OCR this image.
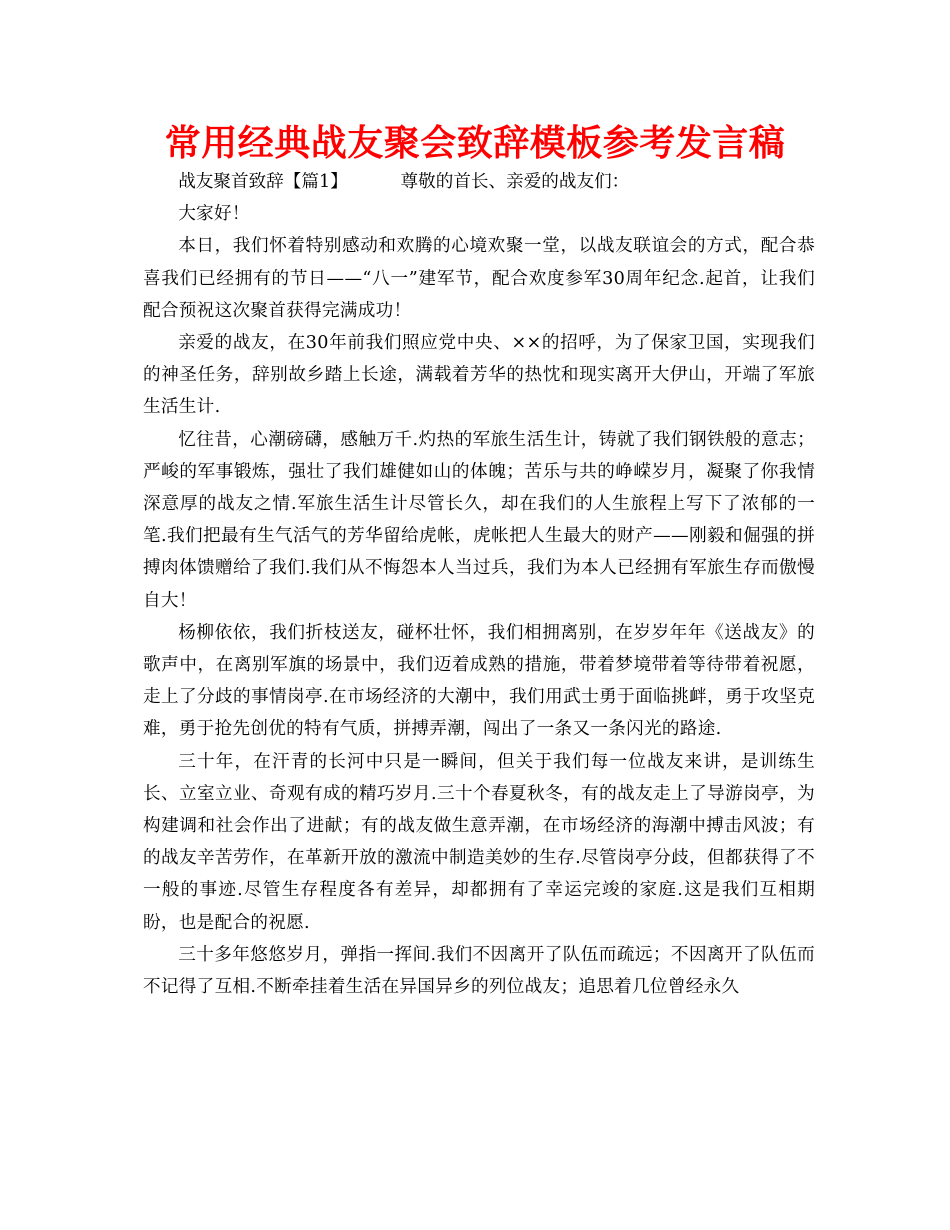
常用经典战友聚会致辞模板参考发言稿
战友聚首致辞【篇1】	尊敬的首长、亲爱的战友们：

大家好！

本日，我们怀着特别感动和欢腾的心境欢聚一堂，以战友联谊会的方式，配合恭喜我们已经拥有的节日——“八一”建军节，配合欢度参军30周年纪念.起首，让我们配合预祝这次聚首获得完满成功！

亲爱的战友，在30年前我们照应党中央、××的招呼，为了保家卫国，实现我们的神圣任务，辞别故乡踏上长途，满载着芳华的热忱和现实离开大伊山，开端了军旅生活生计.

忆往昔，心潮磅礴，感触万千.灼热的军旅生活生计，铸就了我们钢铁般的意志；严峻的军事锻炼，强壮了我们雄健如山的体魄；苦乐与共的峥嵘岁月，凝聚了你我情深意厚的战友之情.军旅生活生计尽管长久，却在我们的人生旅程上写下了浓郁的一笔.我们把最有生气活气的芳华留给虎帐，虎帐把人生最大的财产——刚毅和倔强的拼搏肉体馈赠给了我们.我们从不悔怨本人当过兵，我们为本人已经拥有军旅生存而傲慢自大！

杨柳依依，我们折枝送友，碰杯壮怀，我们相拥离别，在岁岁年年《送战友》的歌声中，在离别军旗的场景中，我们迈着成熟的措施，带着梦境带着等待带着祝愿，走上了分歧的事情岗亭.在市场经济的大潮中，我们用武士勇于面临挑衅，勇于攻坚克难，勇于抢先创优的特有气质，拼搏弄潮，闯出了一条又一条闪光的路途.

三十年，在汗青的长河中只是一瞬间，但关于我们每一位战友来讲，是训练生长、立室立业、奇观有成的精巧岁月.三十个春夏秋冬，有的战友走上了导游岗亭，为构建调和社会作出了进献；有的战友做生意弄潮，在市场经济的海潮中搏击风波；有的战友辛苦劳作，在革新开放的激流中制造美妙的生存.尽管岗亭分歧，但都获得了不一般的事迹.尽管生存程度各有差异，却都拥有了幸运完竣的家庭.这是我们互相期盼，也是配合的祝愿.

三十多年悠悠岁月，弹指一挥间.我们不因离开了队伍而疏远；不因离开了队伍而不记得了互相.不断牵挂着生活在异国异乡的列位战友；追思着几位曾经永久
